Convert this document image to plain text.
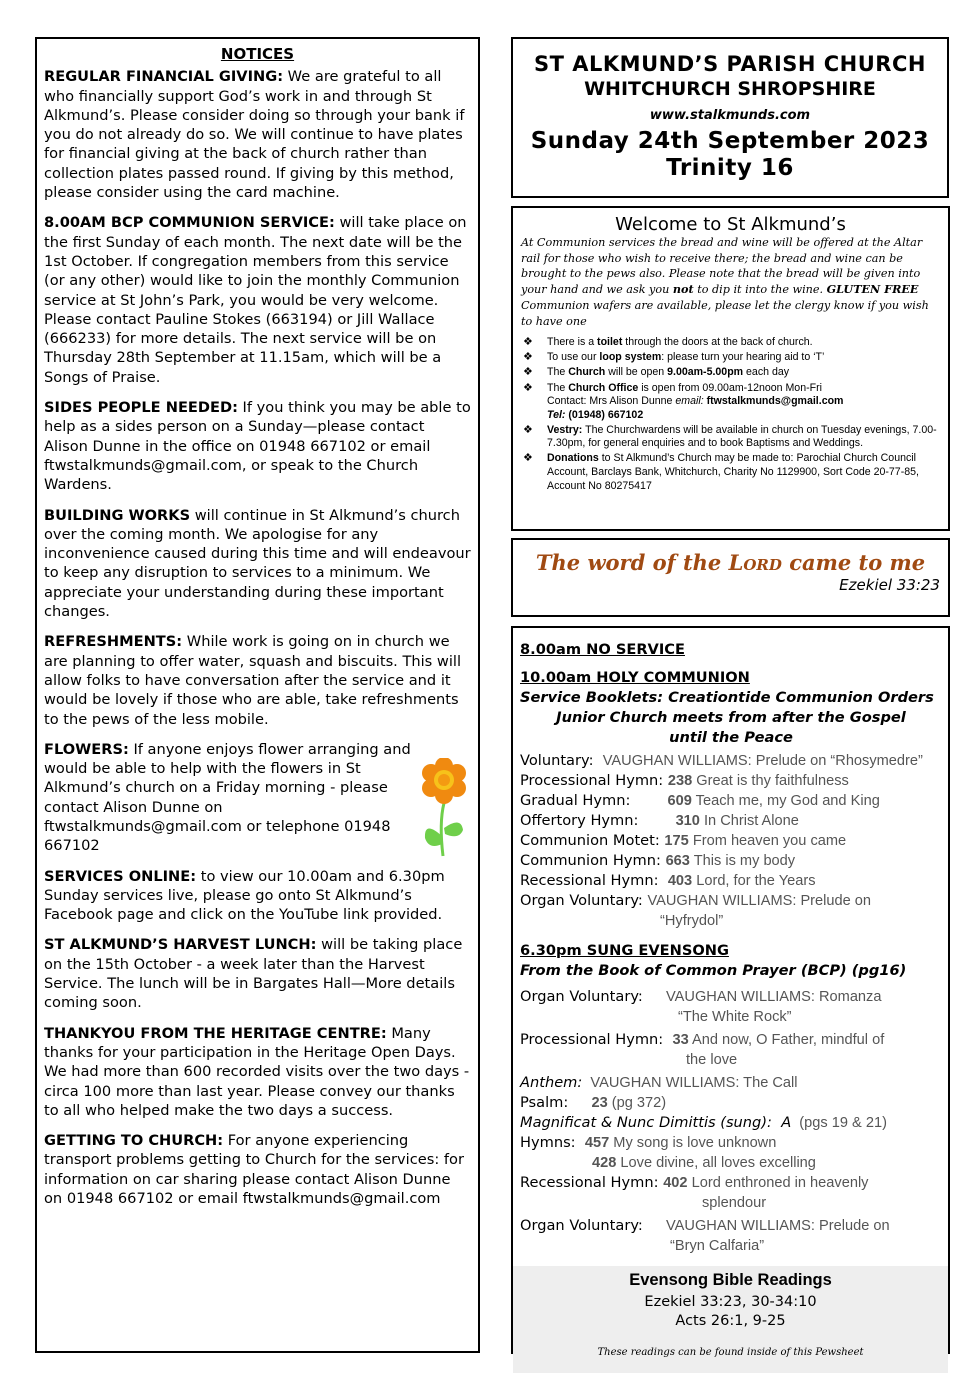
NOTICES

REGULAR FINANCIAL GIVING: We are grateful to all who financially support God’s work in and through St Alkmund’s. Please consider doing so through your bank if you do not already do so. We will continue to have plates for financial giving at the back of church rather than collection plates passed round. If giving by this method, please consider using the card machine.

8.00AM BCP COMMUNION SERVICE: will take place on the first Sunday of each month. The next date will be the 1st October. If congregation members from this service (or any other) would like to join the monthly Communion service at St John’s Park, you would be very welcome. Please contact Pauline Stokes (663194) or Jill Wallace (666233) for more details. The next service will be on Thursday 28th September at 11.15am, which will be a Songs of Praise.

SIDES PEOPLE NEEDED: If you think you may be able to help as a sides person on a Sunday—please contact Alison Dunne in the office on 01948 667102 or email ftwstalkmunds@gmail.com, or speak to the Church Wardens.

BUILDING WORKS will continue in St Alkmund’s church over the coming month. We apologise for any inconvenience caused during this time and will endeavour to keep any disruption to services to a minimum. We appreciate your understanding during these important changes.

REFRESHMENTS: While work is going on in church we are planning to offer water, squash and biscuits. This will allow folks to have conversation after the service and it would be lovely if those who are able, take refreshments to the pews of the less mobile.

FLOWERS: If anyone enjoys flower arranging and would be able to help with the flowers in St Alkmund’s church on a Friday morning - please contact Alison Dunne on ftwstalkmunds@gmail.com or telephone 01948 667102

SERVICES ONLINE: to view our 10.00am and 6.30pm Sunday services live, please go onto St Alkmund’s Facebook page and click on the YouTube link provided.

ST ALKMUND’S HARVEST LUNCH: will be taking place on the 15th October - a week later than the Harvest Service. The lunch will be in Bargates Hall—More details coming soon.

THANKYOU FROM THE HERITAGE CENTRE: Many thanks for your participation in the Heritage Open Days. We had more than 600 recorded visits over the two days - circa 100 more than last year. Please convey our thanks to all who helped make the two days a success.

GETTING TO CHURCH: For anyone experiencing transport problems getting to Church for the services: for information on car sharing please contact Alison Dunne on 01948 667102 or email ftwstalkmunds@gmail.com

ST ALKMUND’S PARISH CHURCH
WHITCHURCH SHROPSHIRE
www.stalkmunds.com
Sunday 24th September 2023
Trinity 16
Welcome to St Alkmund’s

At Communion services the bread and wine will be offered at the Altar rail for those who wish to receive there; the bread and wine can be brought to the pews also. Please note that the bread will be given into your hand and we ask you not to dip it into the wine. GLUTEN FREE Communion wafers are available, please let the clergy know if you wish to have one

❖ There is a toilet through the doors at the back of church.
❖ To use our loop system: please turn your hearing aid to ‘T’
❖ The Church will be open 9.00am-5.00pm each day
❖ The Church Office is open from 09.00am-12noon Mon-Fri
Contact: Mrs Alison Dunne email: ftwstalkmunds@gmail.com
Tel: (01948) 667102
❖ Vestry: The Churchwardens will be available in church on Tuesday evenings, 7.00-7.30pm, for general enquiries and to book Baptisms and Weddings.
❖ Donations to St Alkmund’s Church may be made to: Parochial Church Council Account, Barclays Bank, Whitchurch, Charity No 1129900, Sort Code 20-77-85, Account No 80275417
The word of the Lord came to me
Ezekiel 33:23
8.00am NO SERVICE
10.00am HOLY COMMUNION
Service Booklets: Creationtide Communion Orders
Junior Church meets from after the Gospel
until the Peace
Voluntary: VAUGHAN WILLIAMS: Prelude on “Rhosymedre”
Processional Hymn: 238 Great is thy faithfulness
Gradual Hymn: 609 Teach me, my God and King
Offertory Hymn: 310 In Christ Alone
Communion Motet: 175 From heaven you came
Communion Hymn: 663 This is my body
Recessional Hymn: 403 Lord, for the Years
Organ Voluntary: VAUGHAN WILLIAMS: Prelude on
“Hyfrydol”
6.30pm SUNG EVENSONG
From the Book of Common Prayer (BCP) (pg16)
Organ Voluntary: VAUGHAN WILLIAMS: Romanza
“The White Rock”
Processional Hymn: 33 And now, O Father, mindful of
the love
Anthem: VAUGHAN WILLIAMS: The Call
Psalm: 23 (pg 372)
Magnificat & Nunc Dimittis (sung):  A (pgs 19 & 21)
Hymns: 457 My song is love unknown
428 Love divine, all loves excelling
Recessional Hymn: 402 Lord enthroned in heavenly
splendour
Organ Voluntary: VAUGHAN WILLIAMS: Prelude on
“Bryn Calfaria”
Evensong Bible Readings
Ezekiel 33:23, 30-34:10
Acts 26:1, 9-25
These readings can be found inside of this Pewsheet
